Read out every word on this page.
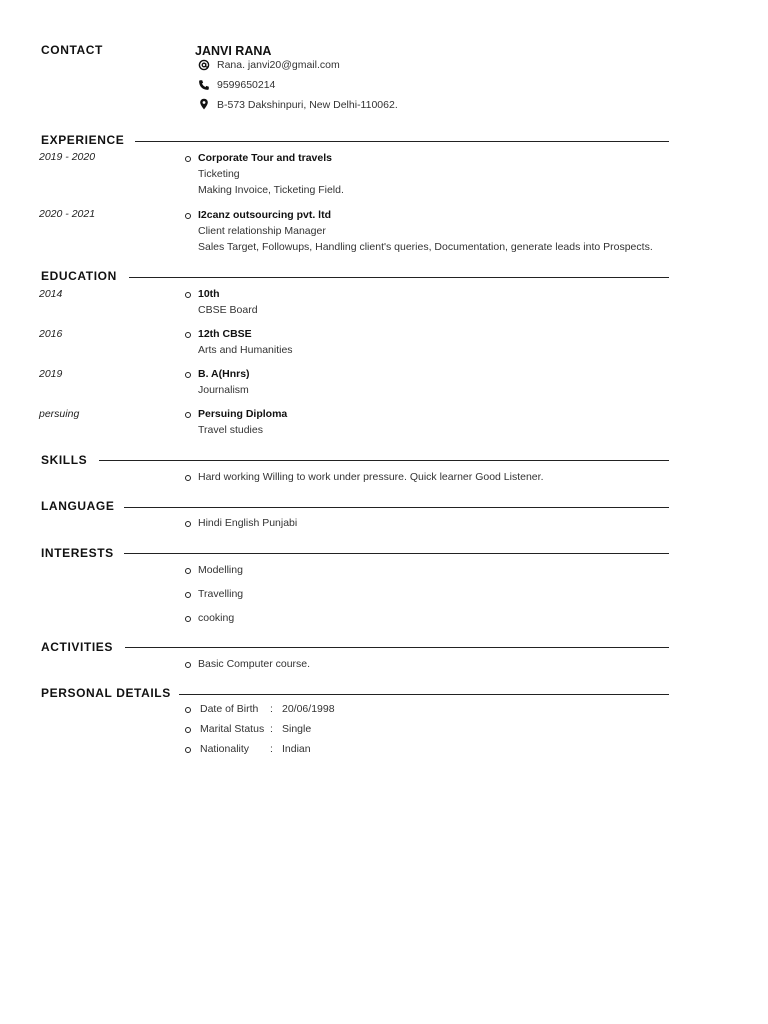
CONTACT	JANVI RANA
Rana. janvi20@gmail.com
9599650214
B-573 Dakshinpuri, New Delhi-110062.
EXPERIENCE
2019 - 2020	Corporate Tour and travels
Ticketing
Making Invoice, Ticketing Field.
2020 - 2021	I2canz outsourcing pvt. ltd
Client relationship Manager
Sales Target, Followups, Handling client's queries, Documentation, generate leads into Prospects.
EDUCATION
2014	10th
CBSE Board
2016	12th CBSE
Arts and Humanities
2019	B. A(Hnrs)
Journalism
persuing	Persuing Diploma
Travel studies
SKILLS
Hard working Willing to work under pressure. Quick learner Good Listener.
LANGUAGE
Hindi English Punjabi
INTERESTS
Modelling
Travelling
cooking
ACTIVITIES
Basic Computer course.
PERSONAL DETAILS
Date of Birth : 20/06/1998
Marital Status : Single
Nationality : Indian
